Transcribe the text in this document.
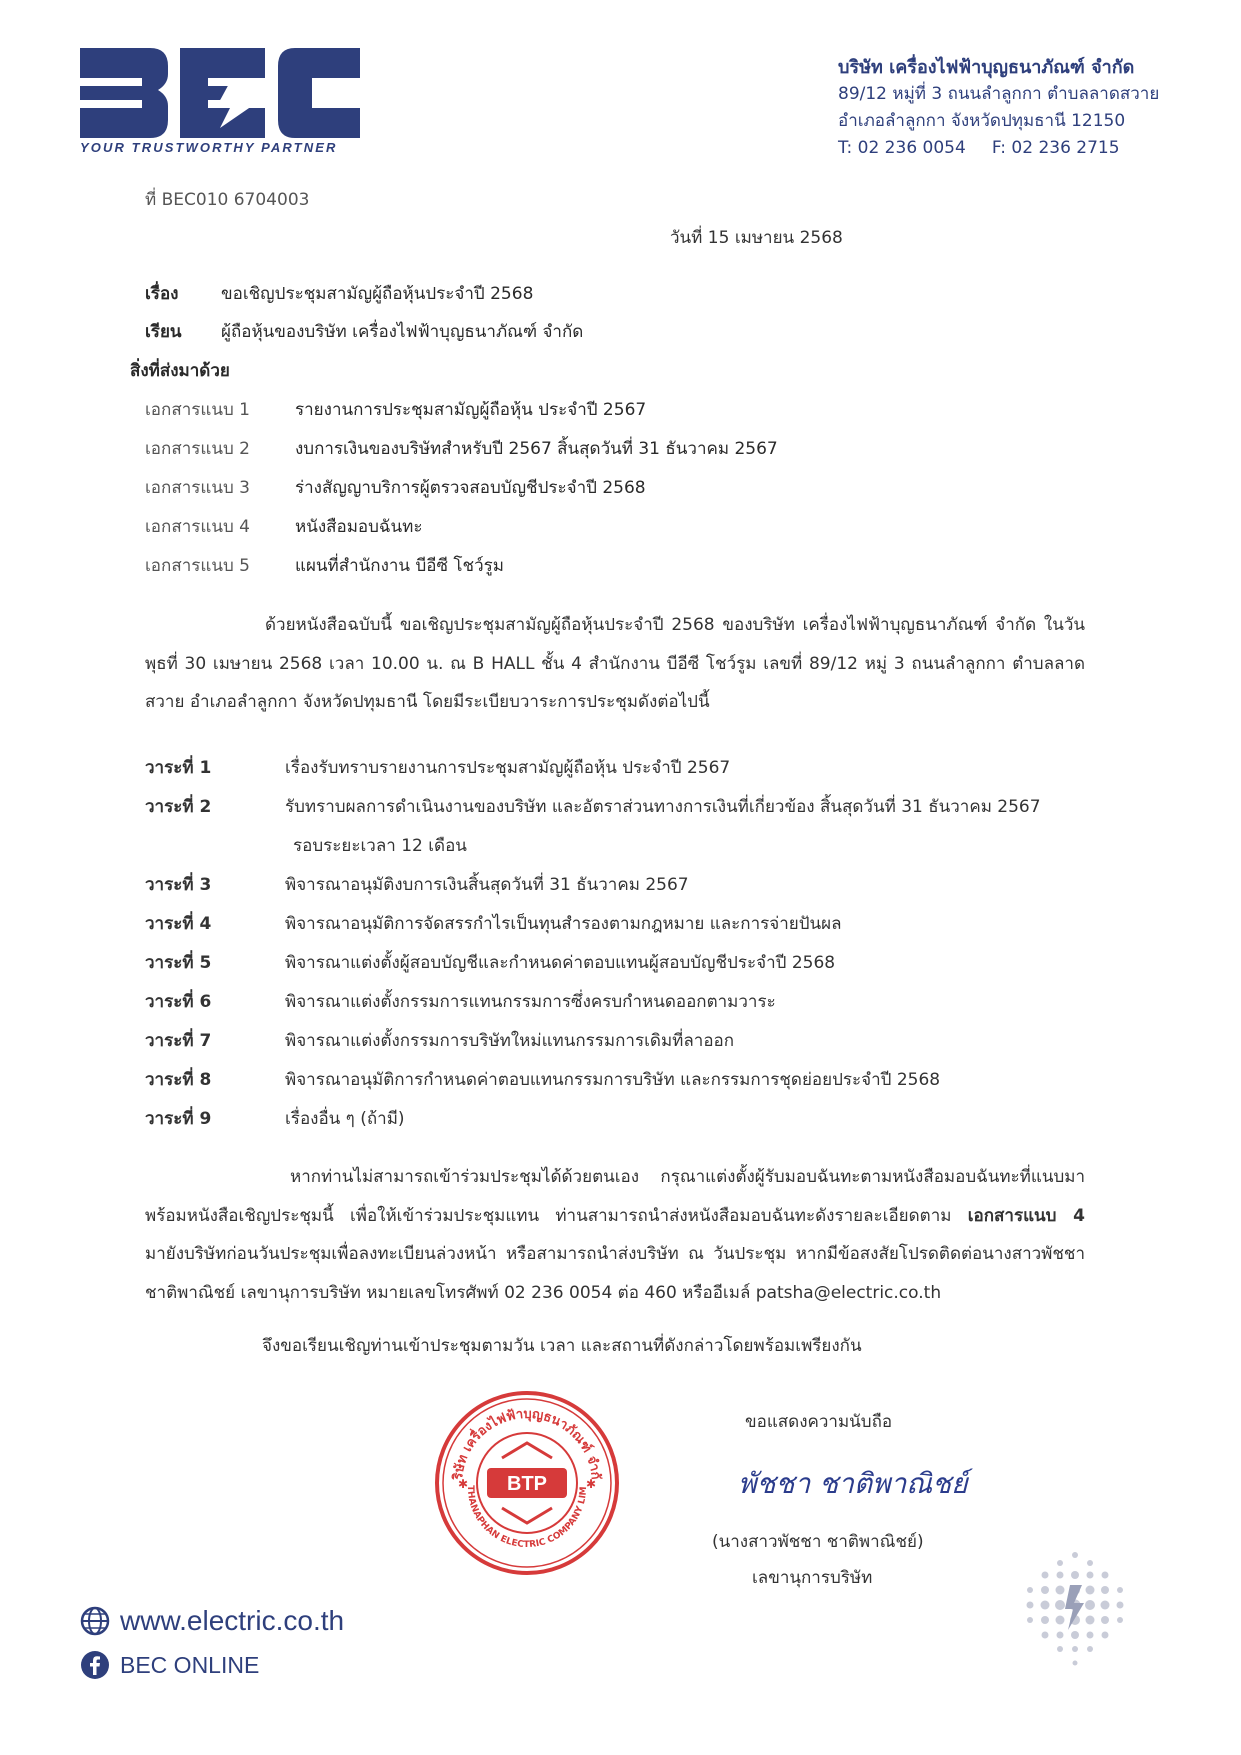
YOUR TRUSTWORTHY PARTNER
บริษัท เครื่องไฟฟ้าบุญธนาภัณฑ์ จำกัด
89/12 หมู่ที่ 3 ถนนลำลูกกา ตำบลลาดสวาย
อำเภอลำลูกกา จังหวัดปทุมธานี 12150
T: 02 236 0054 F: 02 236 2715
ที่ BEC010 6704003
วันที่ 15 เมษายน 2568
เรื่อง	ขอเชิญประชุมสามัญผู้ถือหุ้นประจำปี 2568
เรียน ผู้ถือหุ้นของบริษัท เครื่องไฟฟ้าบุญธนาภัณฑ์ จำกัด
สิ่งที่ส่งมาด้วย
เอกสารแนบ 1	รายงานการประชุมสามัญผู้ถือหุ้น ประจำปี 2567
เอกสารแนบ 2	งบการเงินของบริษัทสำหรับปี 2567 สิ้นสุดวันที่ 31 ธันวาคม 2567
เอกสารแนบ 3	ร่างสัญญาบริการผู้ตรวจสอบบัญชีประจำปี 2568
เอกสารแนบ 4	หนังสือมอบฉันทะ
เอกสารแนบ 5	แผนที่สำนักงาน บีอีซี โชว์รูม
ด้วยหนังสือฉบับนี้ ขอเชิญประชุมสามัญผู้ถือหุ้นประจำปี 2568 ของบริษัท เครื่องไฟฟ้าบุญธนาภัณฑ์ จำกัด ในวันพุธที่ 30 เมษายน 2568 เวลา 10.00 น. ณ B HALL ชั้น 4 สำนักงาน บีอีซี โชว์รูม เลขที่ 89/12 หมู่ 3 ถนนลำลูกกา ตำบลลาดสวาย อำเภอลำลูกกา จังหวัดปทุมธานี โดยมีระเบียบวาระการประชุมดังต่อไปนี้
วาระที่ 1	เรื่องรับทราบรายงานการประชุมสามัญผู้ถือหุ้น ประจำปี 2567
วาระที่ 2	รับทราบผลการดำเนินงานของบริษัท และอัตราส่วนทางการเงินที่เกี่ยวข้อง สิ้นสุดวันที่ 31 ธันวาคม 2567
รอบระยะเวลา 12 เดือน
วาระที่ 3	พิจารณาอนุมัติงบการเงินสิ้นสุดวันที่ 31 ธันวาคม 2567
วาระที่ 4	พิจารณาอนุมัติการจัดสรรกำไรเป็นทุนสำรองตามกฎหมาย และการจ่ายปันผล
วาระที่ 5	พิจารณาแต่งตั้งผู้สอบบัญชีและกำหนดค่าตอบแทนผู้สอบบัญชีประจำปี 2568
วาระที่ 6	พิจารณาแต่งตั้งกรรมการแทนกรรมการซึ่งครบกำหนดออกตามวาระ
วาระที่ 7	พิจารณาแต่งตั้งกรรมการบริษัทใหม่แทนกรรมการเดิมที่ลาออก
วาระที่ 8	พิจารณาอนุมัติการกำหนดค่าตอบแทนกรรมการบริษัท และกรรมการชุดย่อยประจำปี 2568
วาระที่ 9	เรื่องอื่น ๆ (ถ้ามี)
หากท่านไม่สามารถเข้าร่วมประชุมได้ด้วยตนเอง กรุณาแต่งตั้งผู้รับมอบฉันทะตามหนังสือมอบฉันทะที่แนบมาพร้อมหนังสือเชิญประชุมนี้ เพื่อให้เข้าร่วมประชุมแทน ท่านสามารถนำส่งหนังสือมอบฉันทะดังรายละเอียดตาม เอกสารแนบ 4 มายังบริษัทก่อนวันประชุมเพื่อลงทะเบียนล่วงหน้า หรือสามารถนำส่งบริษัท ณ วันประชุม หากมีข้อสงสัยโปรดติดต่อนางสาวพัชชา ชาติพาณิชย์ เลขานุการบริษัท หมายเลขโทรศัพท์ 02 236 0054 ต่อ 460 หรืออีเมล์ patsha@electric.co.th
จึงขอเรียนเชิญท่านเข้าประชุมตามวัน เวลา และสถานที่ดังกล่าวโดยพร้อมเพรียงกัน
ริษัท เครื่องไฟฟ้าบุญธนาภัณฑ์ จำกั
THANAPHAN ELECTRIC COMPANY LIM
BTP
✱	✱
ขอแสดงความนับถือ
พัชชา ชาติพาณิชย์
(นางสาวพัชชา ชาติพาณิชย์)
เลขานุการบริษัท
www.electric.co.th
BEC ONLINE
